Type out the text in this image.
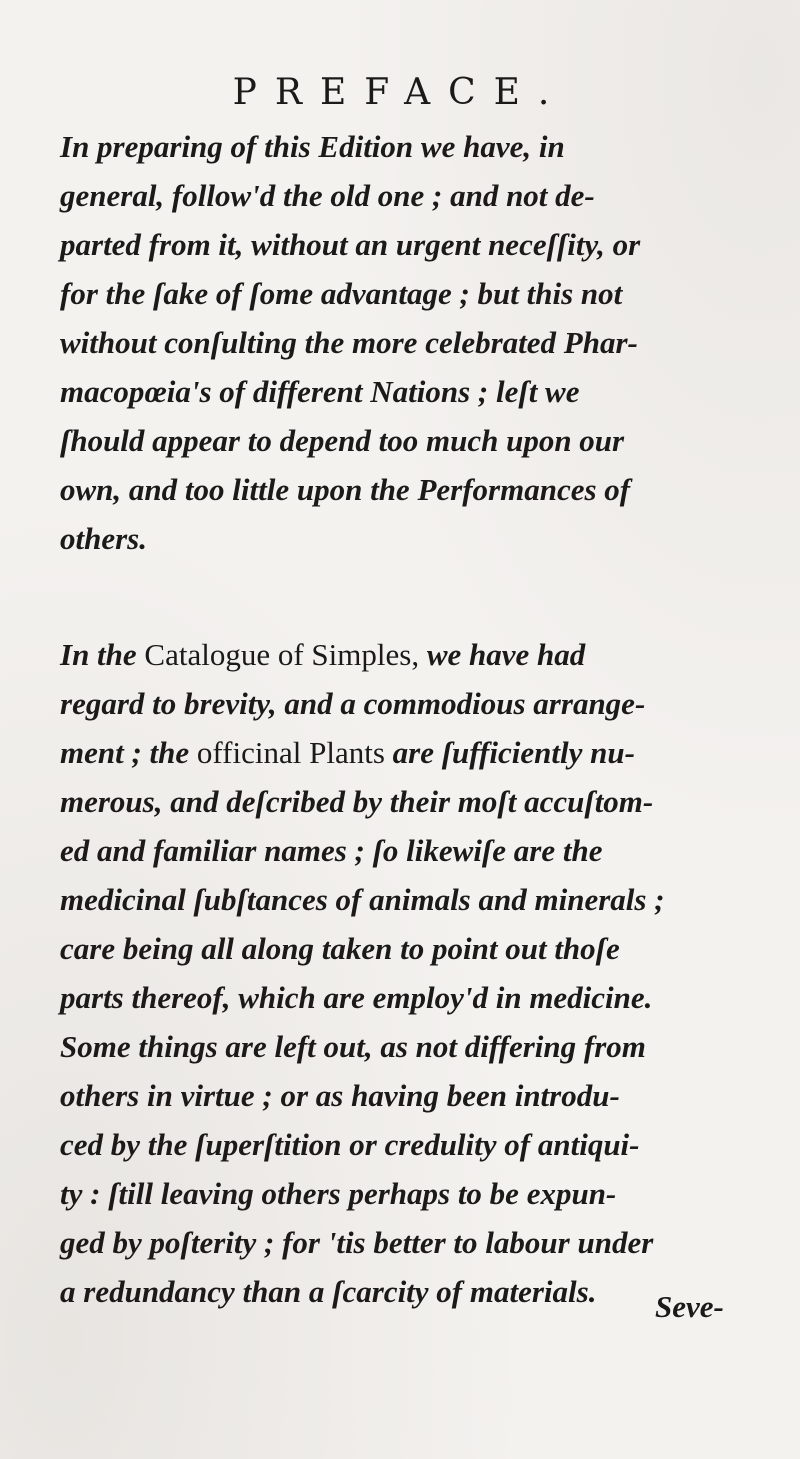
PREFACE.
In preparing of this Edition we have, in
general, follow'd the old one ; and not de-
parted from it, without an urgent neceſſity, or
for the ſake of ſome advantage ; but this not
without conſulting the more celebrated Phar-
macopœia's of different Nations ; leſt we
ſhould appear to depend too much upon our
own, and too little upon the Performances of
others.
In the Catalogue of Simples, we have had
regard to brevity, and a commodious arrange-
ment ; the officinal Plants are ſufficiently nu-
merous, and deſcribed by their moſt accuſtom-
ed and familiar names ; ſo likewiſe are the
medicinal ſubſtances of animals and minerals ;
care being all along taken to point out thoſe
parts thereof, which are employ'd in medicine.
Some things are left out, as not differing from
others in virtue ; or as having been introdu-
ced by the ſuperſtition or credulity of antiqui-
ty : ſtill leaving others perhaps to be expun-
ged by poſterity ; for 'tis better to labour under
a redundancy than a ſcarcity of materials.	Seve-
